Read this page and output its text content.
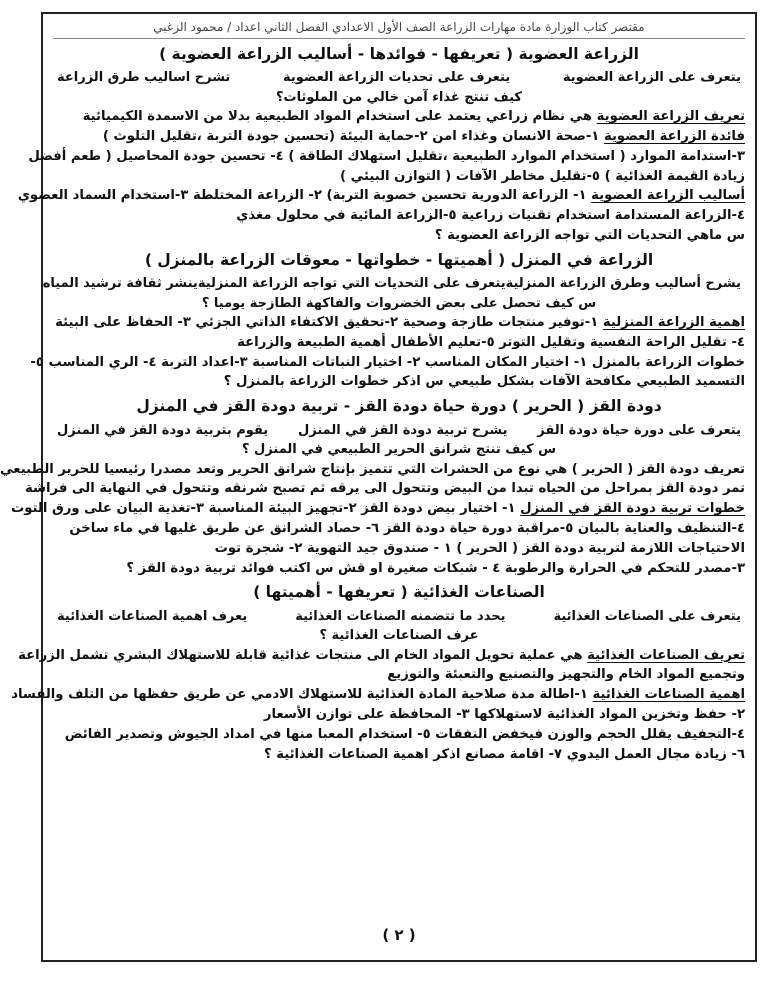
مقتصر كتاب الوزارة مادة مهارات الزراعة الصف الأول الاعدادي الفصل الثاني اعداد / محمود الزغبي
الزراعة العضوية ( تعريفها - فوائدها - أساليب الزراعة العضوية )
يتعرف على الزراعة العضوية
يتعرف على تحديات الزراعة العضوية
تشرح اساليب طرق الزراعة
كيف تنتج غذاء آمن خالي من الملوثات؟
تعريف الزراعة العضوية هي نظام زراعي يعتمد على استخدام المواد الطبيعية بدلا من الاسمدة الكيميائية
فائدة الزراعة العضوية ١-صحة الانسان وغذاء امن ٢-حماية البيئة (تحسين جودة التربة ،تقليل التلوث )
٣-استدامة الموارد ( استخدام الموارد الطبيعية ،تقليل استهلاك الطاقة ) ٤- تحسين جودة المحاصيل ( طعم أفضل
زيادة القيمة الغذائية ) ٥-تقليل مخاطر الآفات ( التوازن البيئي )
أساليب الزراعة العضوية ١- الزراعة الدورية تحسين خصوبة التربة) ٢- الزراعة المختلطة ٣-استخدام السماد العضوي
٤-الزراعة المستدامة استخدام تقنيات زراعية ٥-الزراعة المائية في محلول مغذي
س ماهي التحديات التي تواجه الزراعة العضوية ؟
الزراعة في المنزل ( أهميتها - خطواتها - معوقات الزراعة بالمنزل )
يشرح أساليب وطرق الزراعة المنزلية
يتعرف على التحديات التي تواجه الزراعة المنزلية
ينشر ثقافة ترشيد المياه
س كيف تحصل على بعض الخضروات والفاكهة الطازجة يوميا ؟
اهمية الزراعة المنزلية ١-توفير منتجات طازجة وصحية ٢-تحقيق الاكتفاء الذاتي الجزئي ٣- الحفاظ على البيئة
٤- تقليل الراحة النفسية وتقليل التوتر ٥-تعليم الأطفال أهمية الطبيعة والزراعة
خطوات الزراعة بالمنزل ١- اختيار المكان المناسب ٢- اختيار النباتات المناسبة ٣-اعداد التربة ٤- الري المناسب ٥-
التسميد الطبيعي مكافحة الآفات بشكل طبيعي س اذكر خطوات الزراعة بالمنزل ؟
دودة القز ( الحرير ) دورة حياة دودة القز - تربية دودة القز في المنزل
يتعرف على دورة حياة دودة القز
يشرح تربية دودة القز في المنزل
يقوم بتربية دودة القز في المنزل
س كيف تنتج شرانق الحرير الطبيعي في المنزل ؟
تعريف دودة القز ( الحرير ) هي نوع من الحشرات التي تتميز بإنتاج شرانق الحرير وتعد مصدرا رئيسيا للحرير الطبيعي
تمر دودة القز بمراحل من الحياه تبدا من البيض وتتحول الى يرقه ثم تصبح شرنقه وتتحول في النهاية الى فراشة
خطوات تربية دودة القز في المنزل ١- اختيار بيض دودة القز ٢-تجهيز البيئة المناسبة ٣-تغذية البيان على ورق التوت
٤-التنظيف والعناية بالبيان ٥-مراقبة دورة حياة دودة القز ٦- حصاد الشرانق عن طريق غليها في ماء ساخن
الاحتياجات اللازمة لتربية دودة القز ( الحرير ) ١ - صندوق جيد التهوية ٢- شجرة توت
٣-مصدر للتحكم في الحرارة والرطوبة ٤ - شبكات صغيرة او قش س اكتب فوائد تربية دودة القز ؟
الصناعات الغذائية ( تعريفها - أهميتها )
يتعرف على الصناعات الغذائية
يحدد ما تتضمنه الصناعات الغذائية
يعرف اهمية الصناعات الغذائية
عرف الصناعات الغذائية ؟
تعريف الصناعات الغذائية هي عملية تحويل المواد الخام الى منتجات غذائية قابلة للاستهلاك البشري تشمل الزراعة
وتجميع المواد الخام والتجهيز والتصنيع والتعبئة والتوزيع
اهمية الصناعات الغذائية ١-اطالة مدة صلاحية المادة الغذائية للاستهلاك الادمي عن طريق حفظها من التلف والفساد
٢- حفظ وتخزين المواد الغذائية لاستهلاكها ٣- المحافظة على توازن الأسعار
٤-التجفيف يقلل الحجم والوزن فيخفض النفقات ٥- استخدام المعبا منها في امداد الجيوش وتصدير الفائض
٦- زيادة مجال العمل اليدوي ٧- اقامة مصانع اذكر اهمية الصناعات الغذائية ؟
( ٢ )
